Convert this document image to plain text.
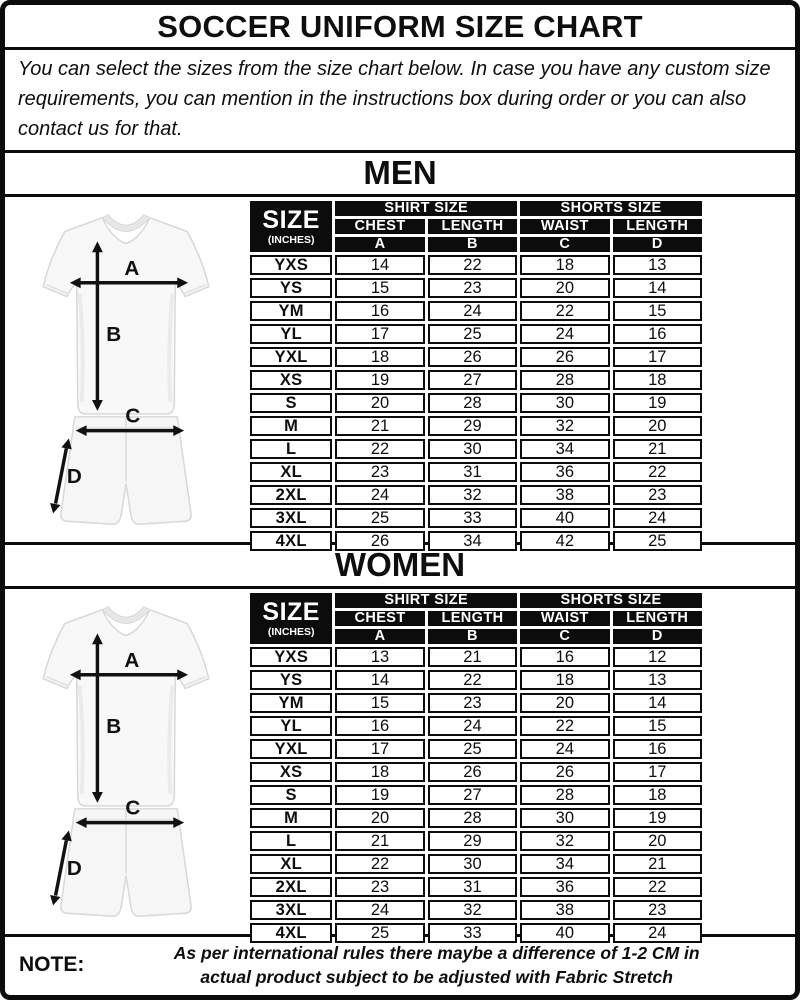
SOCCER UNIFORM SIZE CHART
You can select the sizes from the size chart below. In case you have any custom size requirements, you can mention in the instructions box during order or you can also contact us for that.
MEN
A
B
C
D
SIZE
(INCHES)	SHIRT SIZE		SHORTS SIZE	
	CHEST	LENGTH	WAIST	LENGTH
	A	B	C	D
YXS	14	22	18	13
YS	15	23	20	14
YM	16	24	22	15
YL	17	25	24	16
YXL	18	26	26	17
XS	19	27	28	18
S	20	28	30	19
M	21	29	32	20
L	22	30	34	21
XL	23	31	36	22
2XL	24	32	38	23
3XL	25	33	40	24
4XL	26	34	42	25
WOMEN
A
B
C
D
SIZE
(INCHES)	SHIRT SIZE		SHORTS SIZE	
	CHEST	LENGTH	WAIST	LENGTH
	A	B	C	D
YXS	13	21	16	12
YS	14	22	18	13
YM	15	23	20	14
YL	16	24	22	15
YXL	17	25	24	16
XS	18	26	26	17
S	19	27	28	18
M	20	28	30	19
L	21	29	32	20
XL	22	30	34	21
2XL	23	31	36	22
3XL	24	32	38	23
4XL	25	33	40	24
NOTE:	As per international rules there maybe a difference of 1-2 CM in
actual product subject to be adjusted with Fabric Stretch
